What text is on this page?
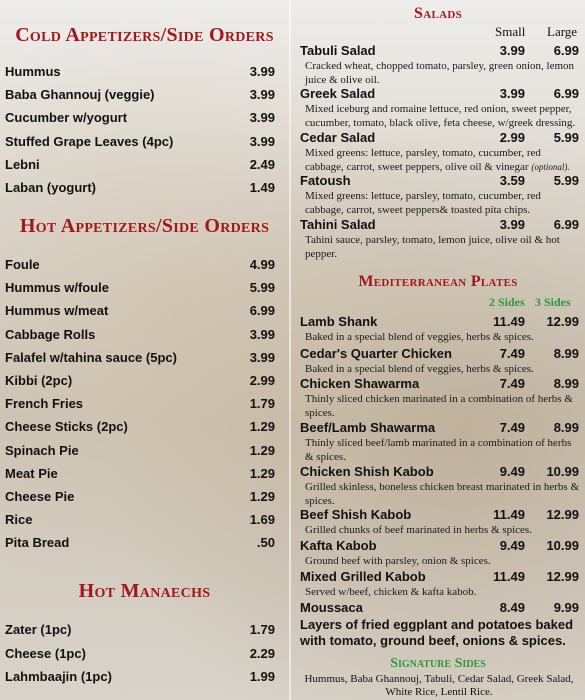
Cold Appetizers/Side Orders
Hummus	3.99
Baba Ghannouj (veggie)	3.99
Cucumber w/yogurt	3.99
Stuffed Grape Leaves (4pc)	3.99
Lebni	2.49
Laban (yogurt)	1.49
Hot Appetizers/Side Orders
Foule	4.99
Hummus w/foule	5.99
Hummus w/meat	6.99
Cabbage Rolls	3.99
Falafel w/tahina sauce (5pc)	3.99
Kibbi (2pc)	2.99
French Fries	1.79
Cheese Sticks (2pc)	1.29
Spinach Pie	1.29
Meat Pie	1.29
Cheese Pie	1.29
Rice	1.69
Pita Bread	.50
Hot Manaechs
Zater (1pc)	1.79
Cheese (1pc)	2.29
Lahmbaajin (1pc)	1.99
Salads
Small Large
Tabuli Salad	3.99	6.99
Cracked wheat, chopped tomato, parsley, green onion, lemon juice & olive oil.
Greek Salad	3.99	6.99
Mixed iceburg and romaine lettuce, red onion, sweet pepper, cucumber, tomato, black olive, feta cheese, w/greek dressing.
Cedar Salad	2.99	5.99
Mixed greens: lettuce, parsley, tomato, cucumber, red cabbage, carrot, sweet peppers, olive oil & vinegar (optional).
Fatoush	3.59	5.99
Mixed greens: lettuce, parsley, tomato, cucumber, red cabbage, carrot, sweet peppers& toasted pita chips.
Tahini Salad	3.99	6.99
Tahini sauce, parsley, tomato, lemon juice, olive oil & hot pepper.
Mediterranean Plates
2 Sides 3 Sides
Lamb Shank	11.49	12.99
Baked in a special blend of veggies, herbs & spices.
Cedar's Quarter Chicken	7.49	8.99
Baked in a special blend of veggies, herbs & spices.
Chicken Shawarma	7.49	8.99
Thinly sliced chicken marinated in a combination of herbs & spices.
Beef/Lamb Shawarma	7.49	8.99
Thinly sliced beef/lamb marinated in a combination of herbs & spices.
Chicken Shish Kabob	9.49	10.99
Grilled skinless, boneless chicken breast marinated in herbs & spices.
Beef Shish Kabob	11.49	12.99
Grilled chunks of beef marinated in herbs & spices.
Kafta Kabob	9.49	10.99
Ground beef with parsley, onion & spices.
Mixed Grilled Kabob	11.49	12.99
Served w/beef, chicken & kafta kabob.
Moussaca	8.49	9.99
Signature Sides
Hummus, Baba Ghannouj, Tabuli, Cedar Salad, Greek Salad, White Rice, Lentil Rice.
Layers of fried eggplant and potatoes baked with tomato, ground beef, onions & spices.
